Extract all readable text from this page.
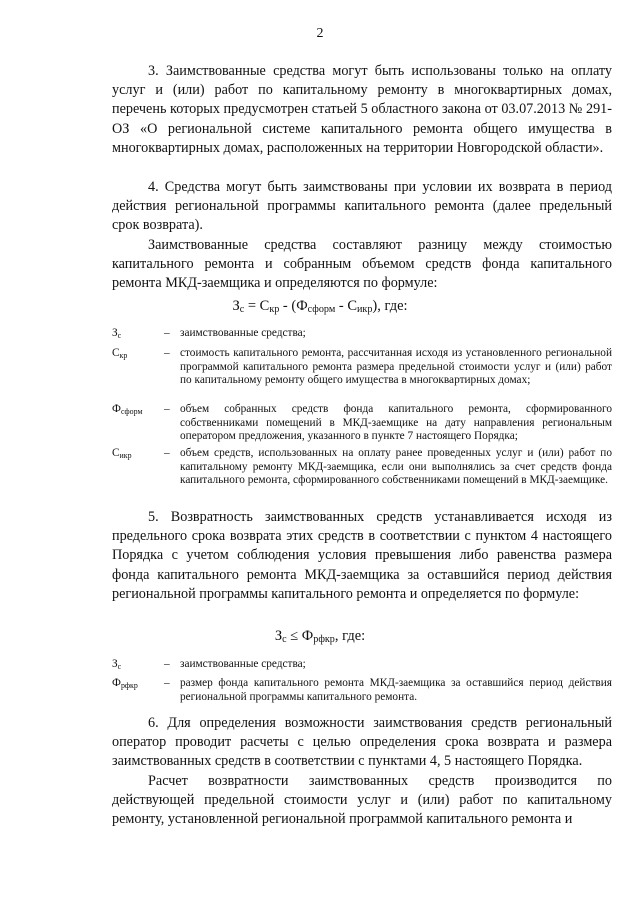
2

3. Заимствованные средства могут быть использованы только на оплату услуг и (или) работ по капитальному ремонту в многоквартирных домах, перечень которых предусмотрен статьей 5 областного закона от 03.07.2013 № 291-ОЗ «О региональной системе капитального ремонта общего имущества в многоквартирных домах, расположенных на территории Новгородской области».

4. Средства могут быть заимствованы при условии их возврата в период действия региональной программы капитального ремонта (далее предельный срок возврата).

Заимствованные средства составляют разницу между стоимостью капитального ремонта и собранным объемом средств фонда капитального ремонта МКД-заемщика и определяются по формуле:

$З_с = С_{кр} - (Ф_{сформ} - С_{икр})$, где:
$З_с$	– заимствованные средства;
$С_{кр}$	– стоимость капитального ремонта, рассчитанная исходя из установленного региональной программой капитального ремонта размера предельной стоимости услуг и (или) работ по капитальному ремонту общего имущества в многоквартирных домах;
$Ф_{сформ}$	– объем собранных средств фонда капитального ремонта, сформированного собственниками помещений в МКД-заемщике на дату направления региональным оператором предложения, указанного в пункте 7 настоящего Порядка;
$С_{икр}$	– объем средств, использованных на оплату ранее проведенных услуг и (или) работ по капитальному ремонту МКД-заемщика, если они выполнялись за счет средств фонда капитального ремонта, сформированного собственниками помещений в МКД-заемщике.

5. Возвратность заимствованных средств устанавливается исходя из предельного срока возврата этих средств в соответствии с пунктом 4 настоящего Порядка с учетом соблюдения условия превышения либо равенства размера фонда капитального ремонта МКД-заемщика за оставшийся период действия региональной программы капитального ремонта и определяется по формуле:

$З_с \le Ф_{рфкр}$, где:
$З_с$	– заимствованные средства;
$Ф_{рфкр}$	– размер фонда капитального ремонта МКД-заемщика за оставшийся период действия региональной программы капитального ремонта.

6. Для определения возможности заимствования средств региональный оператор проводит расчеты с целью определения срока возврата и размера заимствованных средств в соответствии с пунктами 4, 5 настоящего Порядка.

Расчет возвратности заимствованных средств производится по действующей предельной стоимости услуг и (или) работ по капитальному ремонту, установленной региональной программой капитального ремонта и
